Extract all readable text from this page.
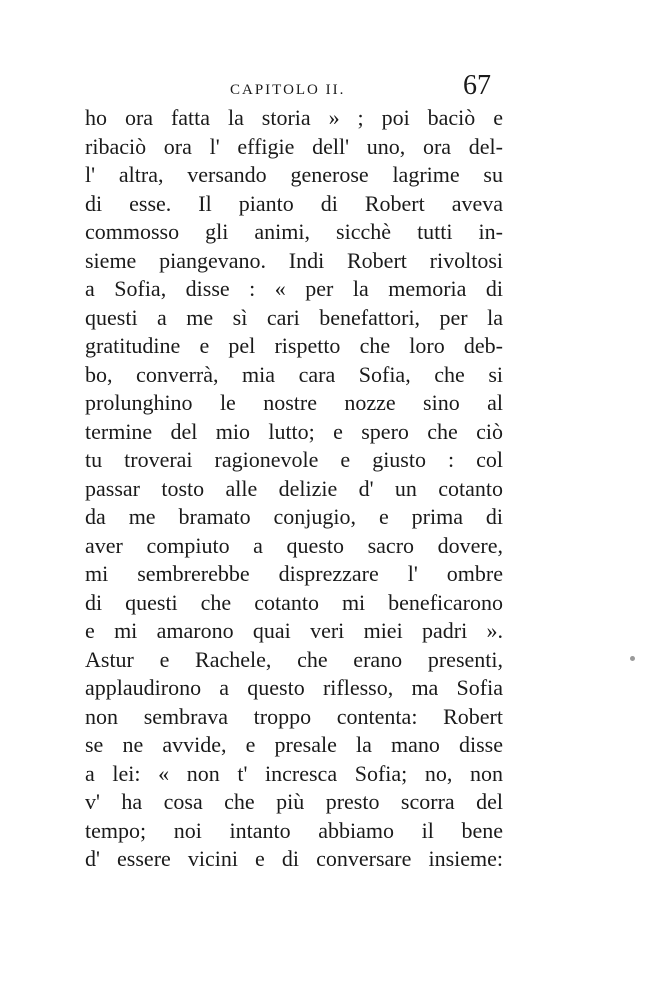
CAPITOLO II.	67
ho ora fatta la storia » ; poi baciò e
ribaciò ora l' effigie dell' uno, ora del-
l' altra, versando generose lagrime su
di esse. Il pianto di Robert aveva
commosso gli animi, sicchè tutti in-
sieme piangevano. Indi Robert rivoltosi
a Sofia, disse : « per la memoria di
questi a me sì cari benefattori, per la
gratitudine e pel rispetto che loro deb-
bo, converrà, mia cara Sofia, che si
prolunghino le nostre nozze sino al
termine del mio lutto; e spero che ciò
tu troverai ragionevole e giusto : col
passar tosto alle delizie d' un cotanto
da me bramato conjugio, e prima di
aver compiuto a questo sacro dovere,
mi sembrerebbe disprezzare l' ombre
di questi che cotanto mi beneficarono
e mi amarono quai veri miei padri ».
Astur e Rachele, che erano presenti,
applaudirono a questo riflesso, ma Sofia
non sembrava troppo contenta: Robert
se ne avvide, e presale la mano disse
a lei: « non t' incresca Sofia; no, non
v' ha cosa che più presto scorra del
tempo; noi intanto abbiamo il bene
d' essere vicini e di conversare insieme:
